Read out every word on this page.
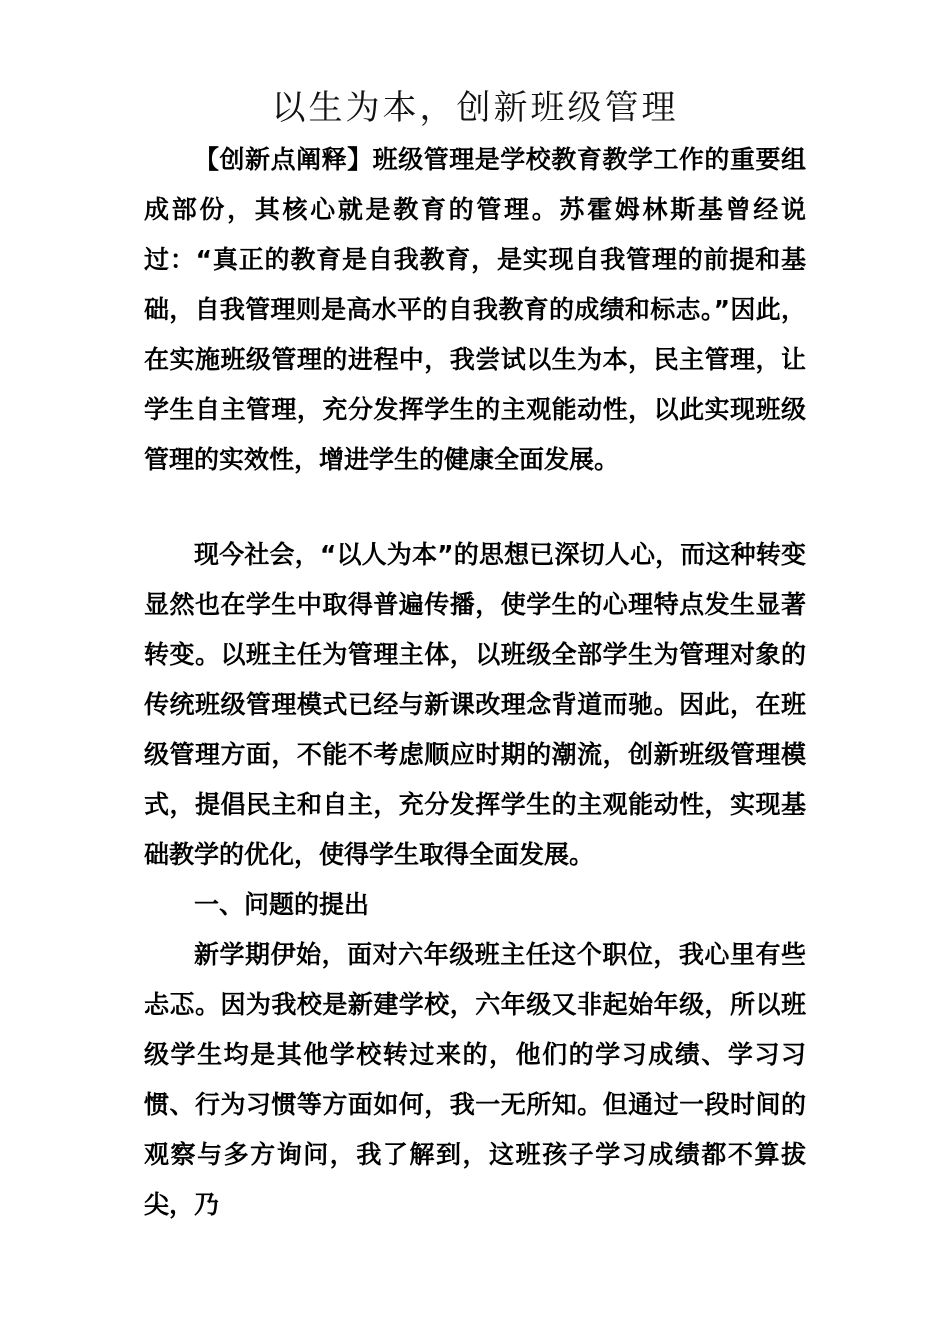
以生为本，创新班级管理

【创新点阐释】班级管理是学校教育教学工作的重要组成部份，其核心就是教育的管理。苏霍姆林斯基曾经说过：“真正的教育是自我教育，是实现自我管理的前提和基础，自我管理则是高水平的自我教育的成绩和标志。”因此，在实施班级管理的进程中，我尝试以生为本，民主管理，让学生自主管理，充分发挥学生的主观能动性，以此实现班级管理的实效性，增进学生的健康全面发展。

现今社会，“以人为本”的思想已深切人心，而这种转变显然也在学生中取得普遍传播，使学生的心理特点发生显著转变。以班主任为管理主体，以班级全部学生为管理对象的传统班级管理模式已经与新课改理念背道而驰。因此，在班级管理方面，不能不考虑顺应时期的潮流，创新班级管理模式，提倡民主和自主，充分发挥学生的主观能动性，实现基础教学的优化，使得学生取得全面发展。

一、问题的提出

新学期伊始，面对六年级班主任这个职位，我心里有些忐忑。因为我校是新建学校，六年级又非起始年级，所以班级学生均是其他学校转过来的，他们的学习成绩、学习习惯、行为习惯等方面如何，我一无所知。但通过一段时间的观察与多方询问，我了解到，这班孩子学习成绩都不算拔尖，乃
